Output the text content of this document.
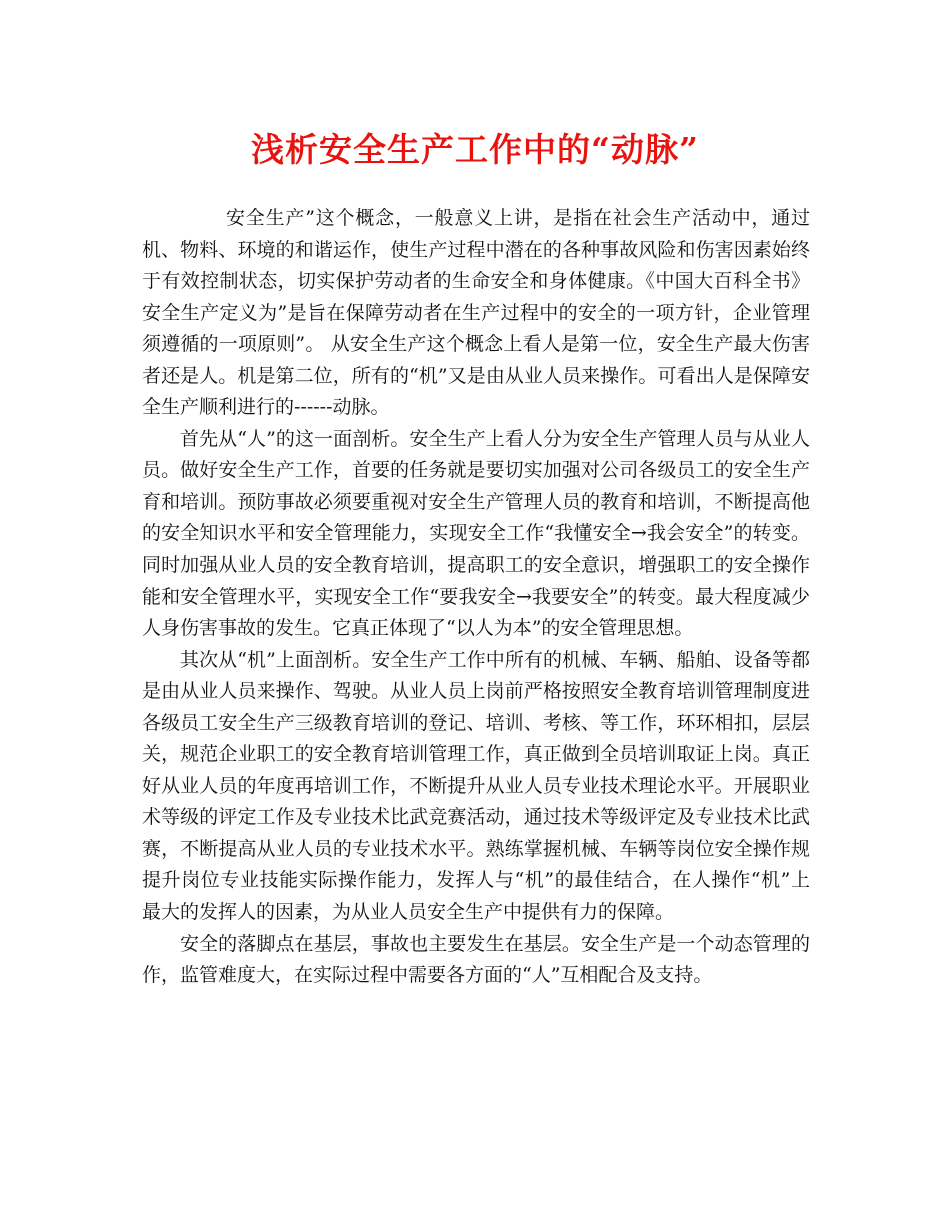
浅析安全生产工作中的“动脉”
安全生产”这个概念，一般意义上讲，是指在社会生产活动中，通过
机、物料、环境的和谐运作，使生产过程中潜在的各种事故风险和伤害因素始终
于有效控制状态，切实保护劳动者的生命安全和身体健康。《中国大百科全书》
安全生产定义为”是旨在保障劳动者在生产过程中的安全的一项方针，企业管理
须遵循的一项原则”。 从安全生产这个概念上看人是第一位，安全生产最大伤害
者还是人。机是第二位，所有的“机”又是由从业人员来操作。可看出人是保障安
全生产顺利进行的------动脉。
首先从“人”的这一面剖析。安全生产上看人分为安全生产管理人员与从业人
员。做好安全生产工作，首要的任务就是要切实加强对公司各级员工的安全生产
育和培训。预防事故必须要重视对安全生产管理人员的教育和培训，不断提高他
的安全知识水平和安全管理能力，实现安全工作“我懂安全→我会安全”的转变。
同时加强从业人员的安全教育培训，提高职工的安全意识，增强职工的安全操作
能和安全管理水平，实现安全工作“要我安全→我要安全”的转变。最大程度减少
人身伤害事故的发生。它真正体现了“以人为本”的安全管理思想。
其次从“机”上面剖析。安全生产工作中所有的机械、车辆、船舶、设备等都
是由从业人员来操作、驾驶。从业人员上岗前严格按照安全教育培训管理制度进
各级员工安全生产三级教育培训的登记、培训、考核、等工作，环环相扣，层层
关，规范企业职工的安全教育培训管理工作，真正做到全员培训取证上岗。真正
好从业人员的年度再培训工作，不断提升从业人员专业技术理论水平。开展职业
术等级的评定工作及专业技术比武竞赛活动，通过技术等级评定及专业技术比武
赛，不断提高从业人员的专业技术水平。熟练掌握机械、车辆等岗位安全操作规
提升岗位专业技能实际操作能力，发挥人与“机”的最佳结合，在人操作“机”上
最大的发挥人的因素，为从业人员安全生产中提供有力的保障。
安全的落脚点在基层，事故也主要发生在基层。安全生产是一个动态管理的
作，监管难度大，在实际过程中需要各方面的“人”互相配合及支持。
